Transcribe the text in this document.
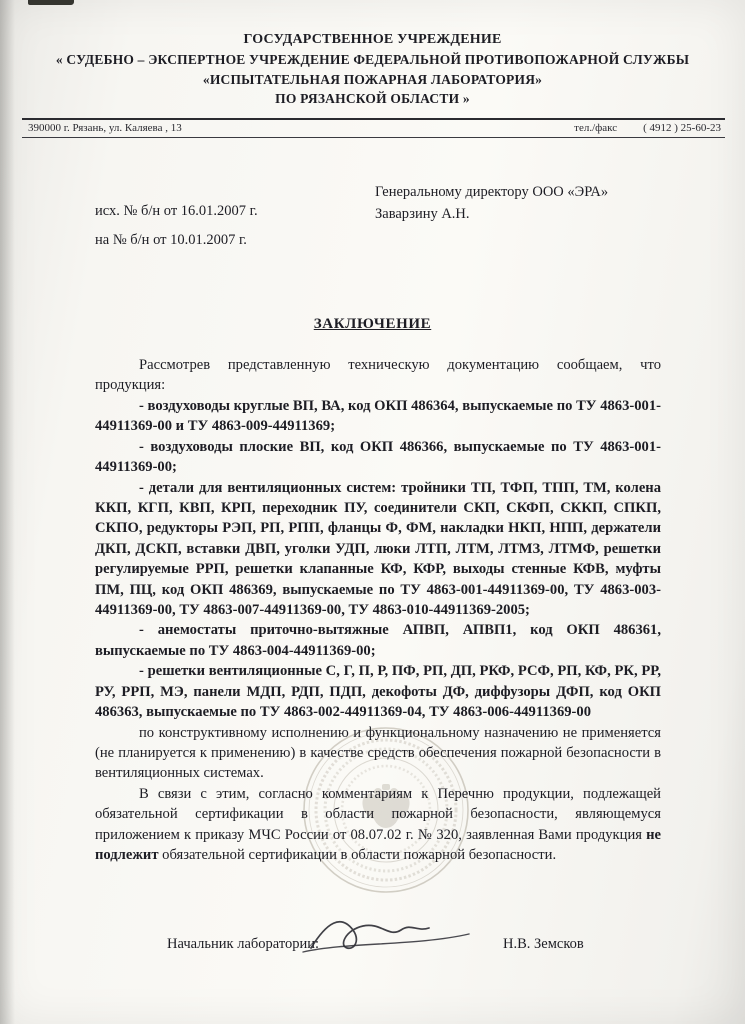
ГОСУДАРСТВЕННОЕ УЧРЕЖДЕНИЕ
« СУДЕБНО – ЭКСПЕРТНОЕ УЧРЕЖДЕНИЕ ФЕДЕРАЛЬНОЙ ПРОТИВОПОЖАРНОЙ СЛУЖБЫ
«ИСПЫТАТЕЛЬНАЯ ПОЖАРНАЯ ЛАБОРАТОРИЯ»
ПО РЯЗАНСКОЙ ОБЛАСТИ »
390000 г. Рязань, ул. Каляева , 13	тел./факс ( 4912 ) 25-60-23
Генеральному директору ООО «ЭРА»
Заварзину А.Н.
исх. № б/н от 16.01.2007 г.
на № б/н от 10.01.2007 г.
ЗАКЛЮЧЕНИЕ

Рассмотрев представленную техническую документацию сообщаем, что продукция:

- воздуховоды круглые ВП, ВА, код ОКП 486364, выпускаемые по ТУ 4863-001-44911369-00 и ТУ 4863-009-44911369;

- воздуховоды плоские ВП, код ОКП 486366, выпускаемые по ТУ 4863-001-44911369-00;

- детали для вентиляционных систем: тройники ТП, ТФП, ТПП, ТМ, колена ККП, КГП, КВП, КРП, переходник ПУ, соединители СКП, СКФП, СККП, СПКП, СКПО, редукторы РЭП, РП, РПП, фланцы Ф, ФМ, накладки НКП, НПП, держатели ДКП, ДСКП, вставки ДВП, уголки УДП, люки ЛТП, ЛТМ, ЛТМЗ, ЛТМФ, решетки регулируемые РРП, решетки клапанные КФ, КФР, выходы стенные КФВ, муфты ПМ, ПЦ, код ОКП 486369, выпускаемые по ТУ 4863-001-44911369-00, ТУ 4863-003-44911369-00, ТУ 4863-007-44911369-00, ТУ 4863-010-44911369-2005;

- анемостаты приточно-вытяжные АПВП, АПВП1, код ОКП 486361, выпускаемые по ТУ 4863-004-44911369-00;

- решетки вентиляционные С, Г, П, Р, ПФ, РП, ДП, РКФ, РСФ, РП, КФ, РК, РР, РУ, РРП, МЭ, панели МДП, РДП, ПДП, декофоты ДФ, диффузоры ДФП, код ОКП 486363, выпускаемые по ТУ 4863-002-44911369-04, ТУ 4863-006-44911369-00

по конструктивному исполнению и функциональному назначению не применяется (не планируется к применению) в качестве средств обеспечения пожарной безопасности в вентиляционных системах.

В связи с этим, согласно комментариям к Перечню продукции, подлежащей обязательной сертификации в области пожарной безопасности, являющемуся приложением к приказу МЧС России от 08.07.02 г. № 320, заявленная Вами продукция не подлежит обязательной сертификации в области пожарной безопасности.

Начальник лаборатории:	Н.В. Земсков
